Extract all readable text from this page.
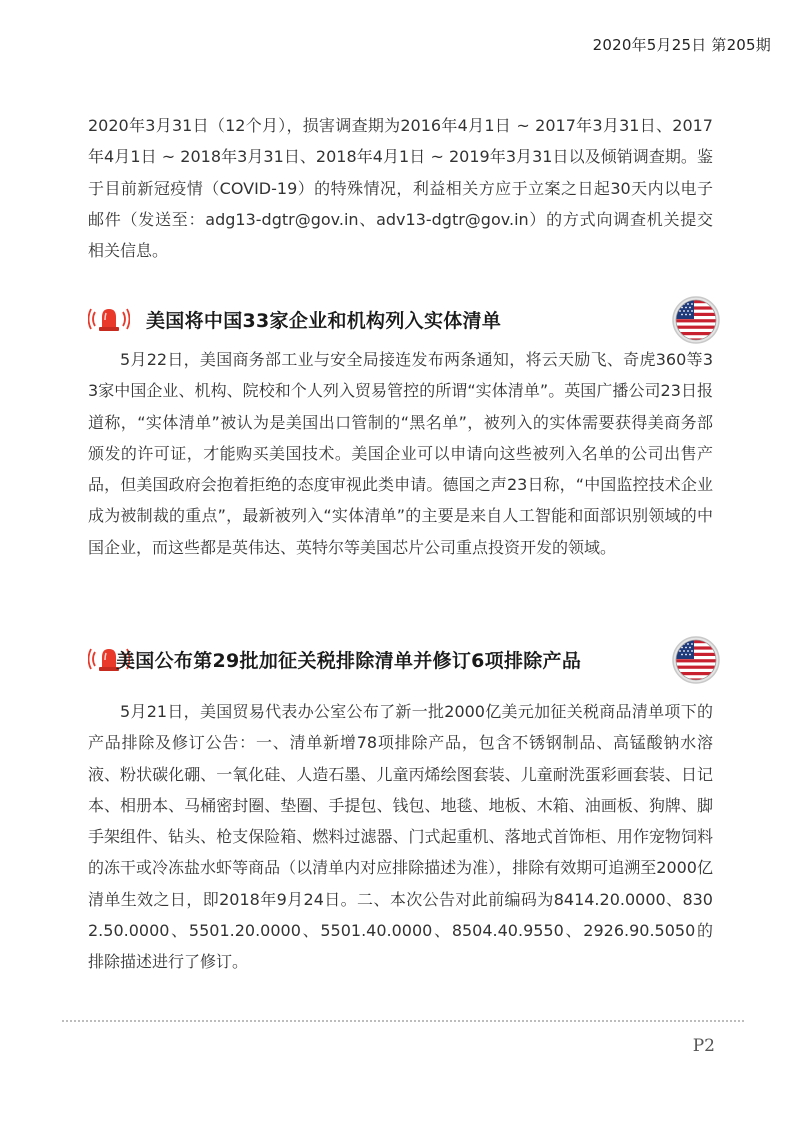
2020年5月25日 第205期

2020年3月31日（12个月），损害调查期为2016年4月1日 ~ 2017年3月31日、2017年4月1日 ~ 2018年3月31日、2018年4月1日 ~ 2019年3月31日以及倾销调查期。鉴于目前新冠疫情（COVID-19）的特殊情况，利益相关方应于立案之日起30天内以电子邮件（发送至：adg13-dgtr@gov.in、adv13-dgtr@gov.in）的方式向调查机关提交相关信息。

美国将中国33家企业和机构列入实体清单

5月22日，美国商务部工业与安全局接连发布两条通知，将云天励飞、奇虎360等33家中国企业、机构、院校和个人列入贸易管控的所谓“实体清单”。英国广播公司23日报道称，“实体清单”被认为是美国出口管制的“黑名单”，被列入的实体需要获得美商务部颁发的许可证，才能购买美国技术。美国企业可以申请向这些被列入名单的公司出售产品，但美国政府会抱着拒绝的态度审视此类申请。德国之声23日称，“中国监控技术企业成为被制裁的重点”，最新被列入“实体清单”的主要是来自人工智能和面部识别领域的中国企业，而这些都是英伟达、英特尔等美国芯片公司重点投资开发的领域。

美国公布第29批加征关税排除清单并修订6项排除产品

5月21日，美国贸易代表办公室公布了新一批2000亿美元加征关税商品清单项下的产品排除及修订公告：一、清单新增78项排除产品，包含不锈钢制品、高锰酸钠水溶液、粉状碳化硼、一氧化硅、人造石墨、儿童丙烯绘图套装、儿童耐洗蛋彩画套装、日记本、相册本、马桶密封圈、垫圈、手提包、钱包、地毯、地板、木箱、油画板、狗牌、脚手架组件、钻头、枪支保险箱、燃料过滤器、门式起重机、落地式首饰柜、用作宠物饲料的冻干或冷冻盐水虾等商品（以清单内对应排除描述为准），排除有效期可追溯至2000亿清单生效之日，即2018年9月24日。二、本次公告对此前编码为8414.20.0000、8302.50.0000、5501.20.0000、5501.40.0000、8504.40.9550、2926.90.5050的排除描述进行了修订。

P2
